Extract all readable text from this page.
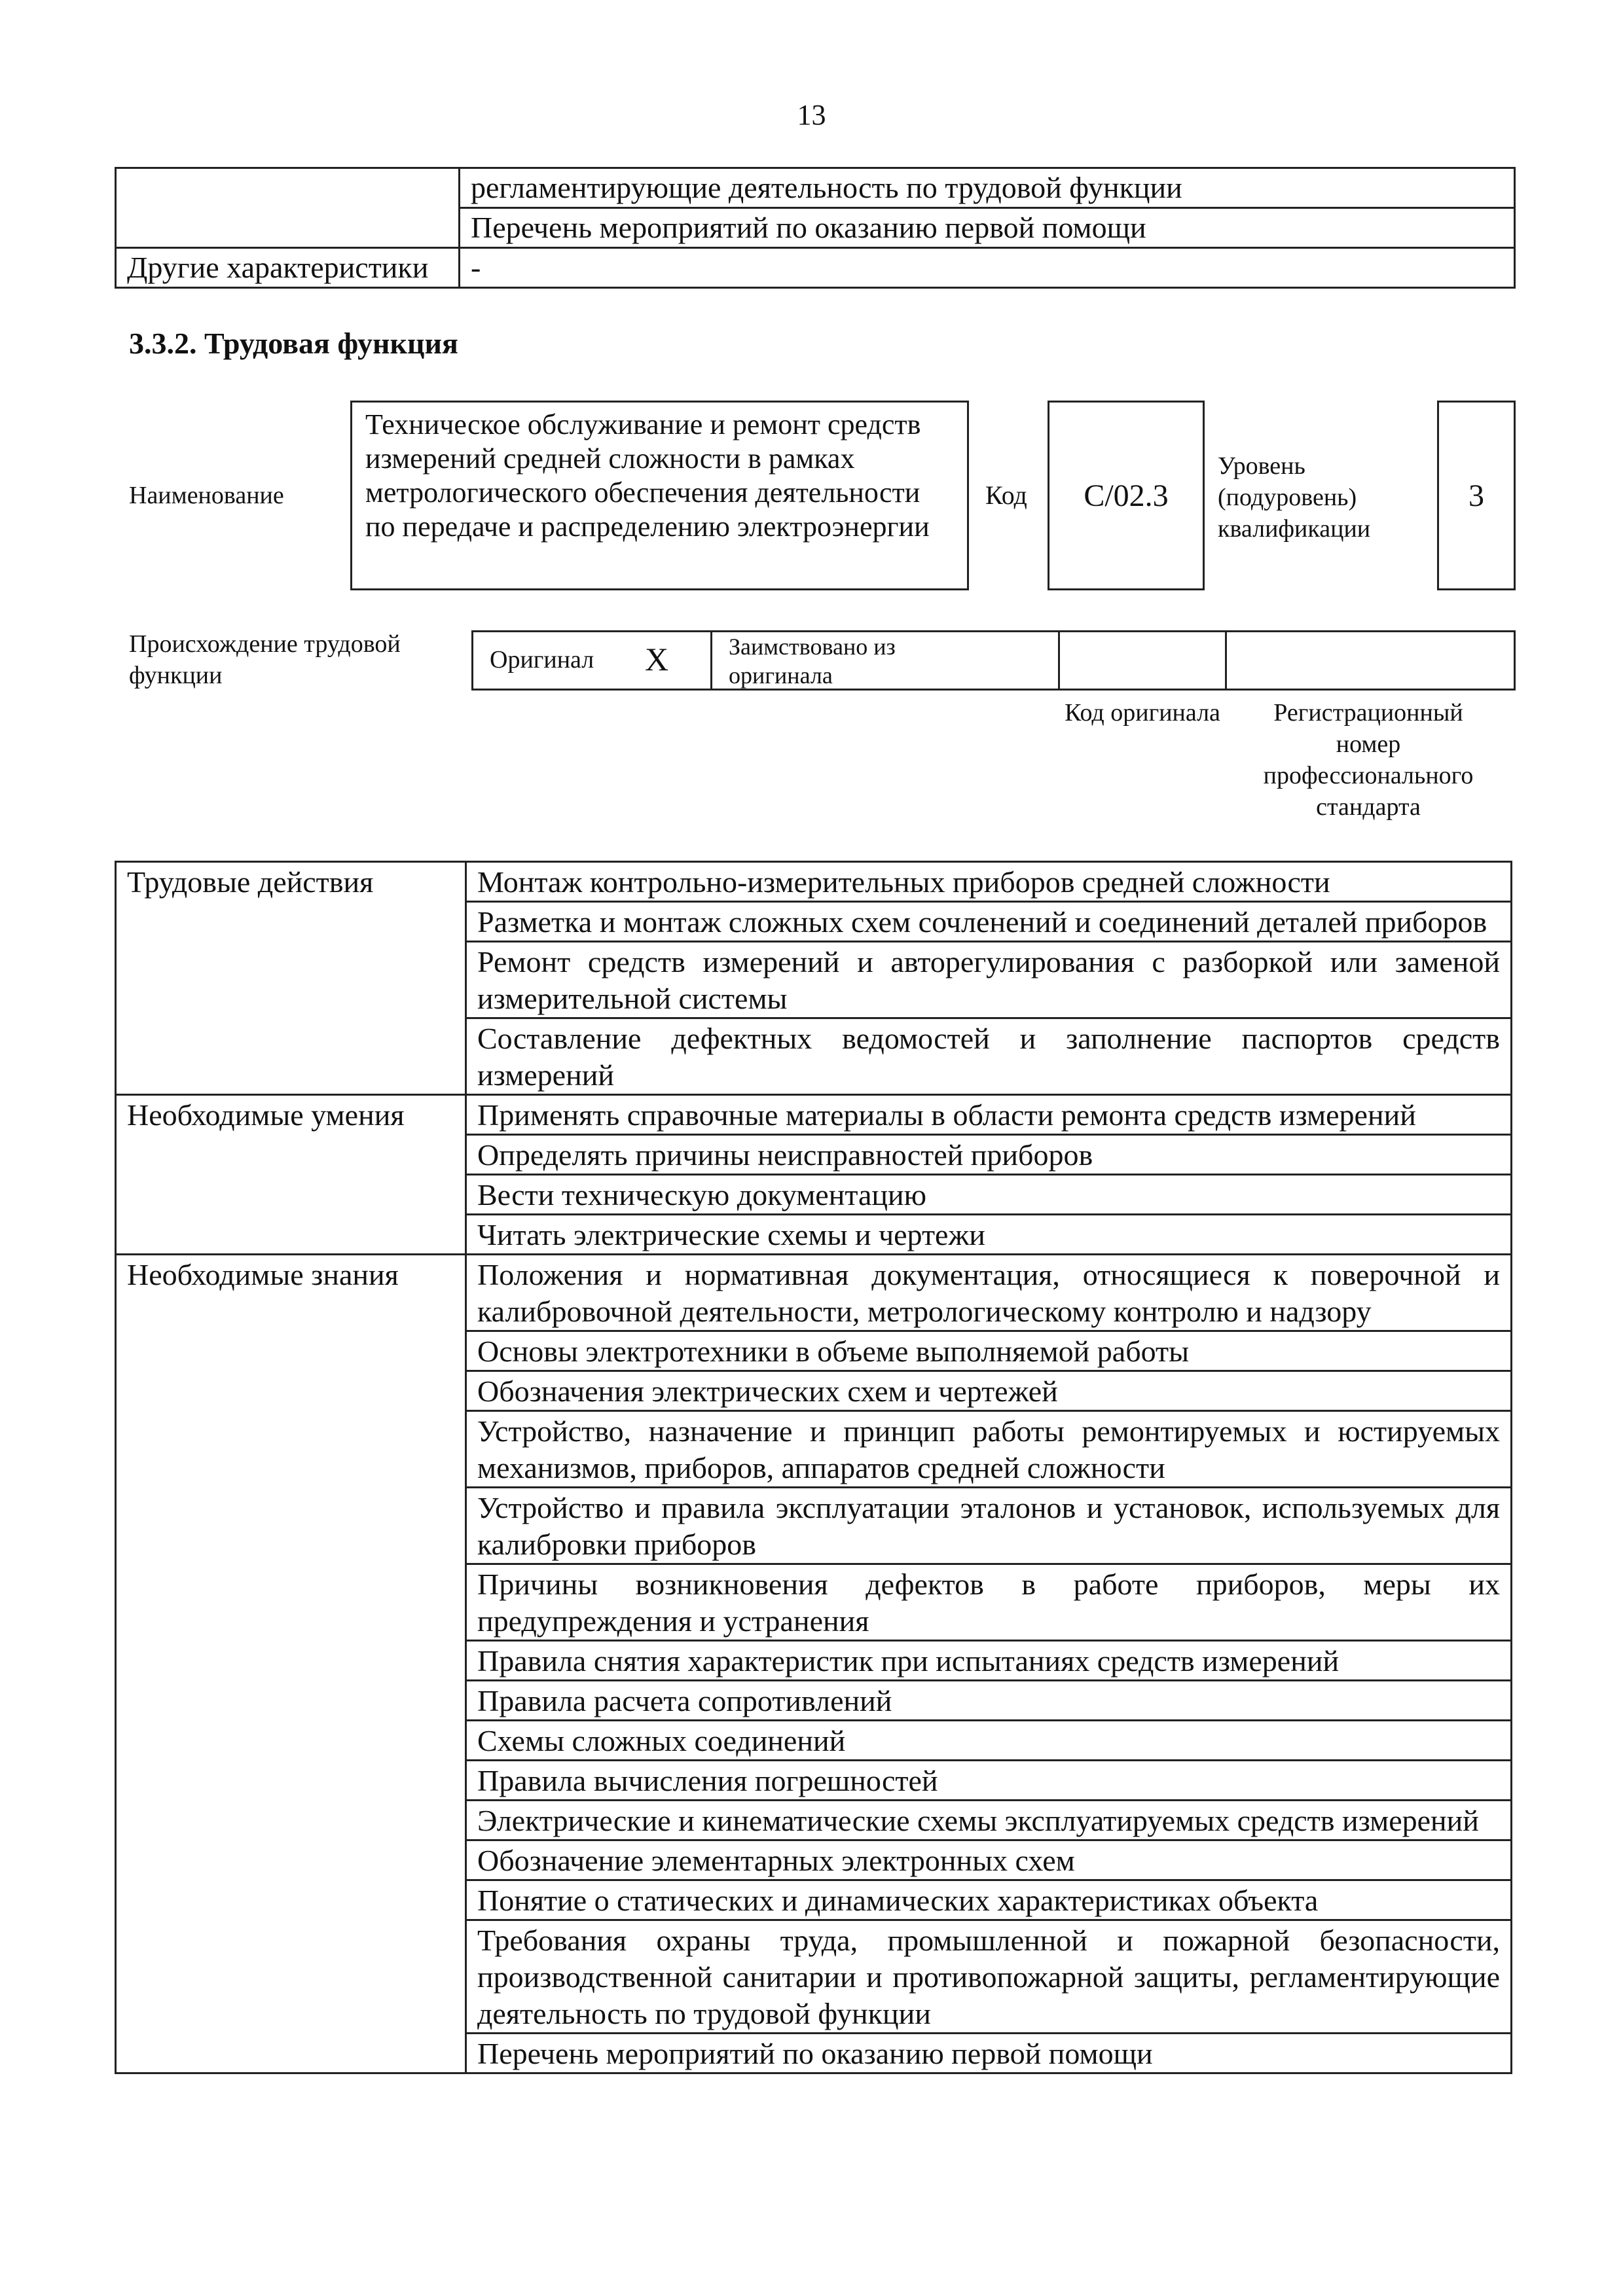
13
	регламентирующие деятельность по трудовой функции
	Перечень мероприятий по оказанию первой помощи
Другие характеристики	-
3.3.2. Трудовая функция
Наименование
Техническое обслуживание и ремонт средств измерений средней сложности в рамках метрологического обеспечения деятельности по передаче и распределению электроэнергии
Код	C/02.3
Уровень (подуровень) квалификации
3
Происхождение трудовой функции
Оригинал X	Заимствовано из оригинала
Код оригинала	Регистрационный номер профессионального стандарта
Трудовые действия	Монтаж контрольно-измерительных приборов средней сложности
	Разметка и монтаж сложных схем сочленений и соединений деталей приборов
	Ремонт средств измерений и авторегулирования с разборкой или заменой измерительной системы
	Составление дефектных ведомостей и заполнение паспортов средств измерений
Необходимые умения	Применять справочные материалы в области ремонта средств измерений
	Определять причины неисправностей приборов
	Вести техническую документацию
	Читать электрические схемы и чертежи
Необходимые знания	Положения и нормативная документация, относящиеся к поверочной и калибровочной деятельности, метрологическому контролю и надзору
	Основы электротехники в объеме выполняемой работы
	Обозначения электрических схем и чертежей
	Устройство, назначение и принцип работы ремонтируемых и юстируемых механизмов, приборов, аппаратов средней сложности
	Устройство и правила эксплуатации эталонов и установок, используемых для калибровки приборов
	Причины возникновения дефектов в работе приборов, меры их предупреждения и устранения
	Правила снятия характеристик при испытаниях средств измерений
	Правила расчета сопротивлений
	Схемы сложных соединений
	Правила вычисления погрешностей
	Электрические и кинематические схемы эксплуатируемых средств измерений
	Обозначение элементарных электронных схем
	Понятие о статических и динамических характеристиках объекта
	Требования охраны труда, промышленной и пожарной безопасности, производственной санитарии и противопожарной защиты, регламентирующие деятельность по трудовой функции
	Перечень мероприятий по оказанию первой помощи
